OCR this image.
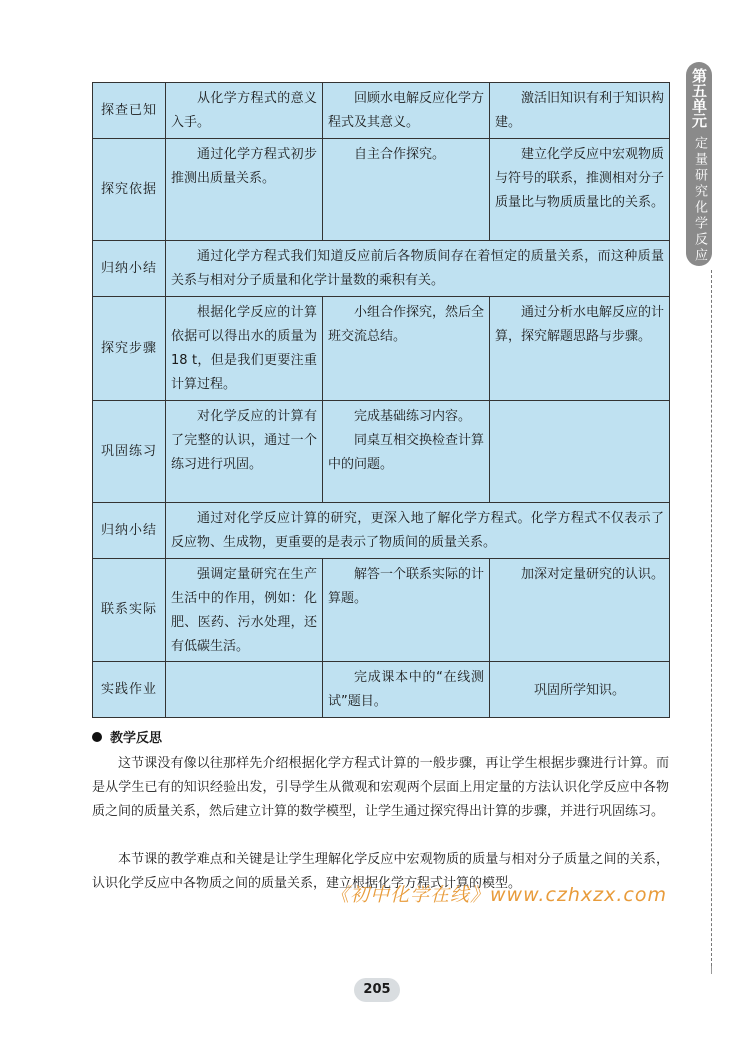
第五单元
定量研究化学反应
探查已知	从化学方程式的意义入手。	回顾水电解反应化学方程式及其意义。	激活旧知识有利于知识构建。

探究依据	通过化学方程式初步推测出质量关系。	自主合作探究。	建立化学反应中宏观物质与符号的联系，推测相对分子质量比与物质质量比的关系。

归纳小结	通过化学方程式我们知道反应前后各物质间存在着恒定的质量关系，而这种质量关系与相对分子质量和化学计量数的乘积有关。		

探究步骤	根据化学反应的计算依据可以得出水的质量为18 t，但是我们更要注重计算过程。	小组合作探究，然后全班交流总结。	通过分析水电解反应的计算，探究解题思路与步骤。

巩固练习	对化学反应的计算有了完整的认识，通过一个练习进行巩固。	完成基础练习内容。
同桌互相交换检查计算中的问题。	

归纳小结	通过对化学反应计算的研究，更深入地了解化学方程式。化学方程式不仅表示了反应物、生成物，更重要的是表示了物质间的质量关系。		

联系实际	强调定量研究在生产生活中的作用，例如：化肥、医药、污水处理，还有低碳生活。	解答一个联系实际的计算题。	加深对定量研究的认识。

实践作业		完成课本中的“在线测试”题目。	巩固所学知识。
教学反思
这节课没有像以往那样先介绍根据化学方程式计算的一般步骤，再让学生根据步骤进行计算。而是从学生已有的知识经验出发，引导学生从微观和宏观两个层面上用定量的方法认识化学反应中各物质之间的质量关系，然后建立计算的数学模型，让学生通过探究得出计算的步骤，并进行巩固练习。
本节课的教学难点和关键是让学生理解化学反应中宏观物质的质量与相对分子质量之间的关系，认识化学反应中各物质之间的质量关系，建立根据化学方程式计算的模型。
《初中化学在线》www.czhxzx.com
205
